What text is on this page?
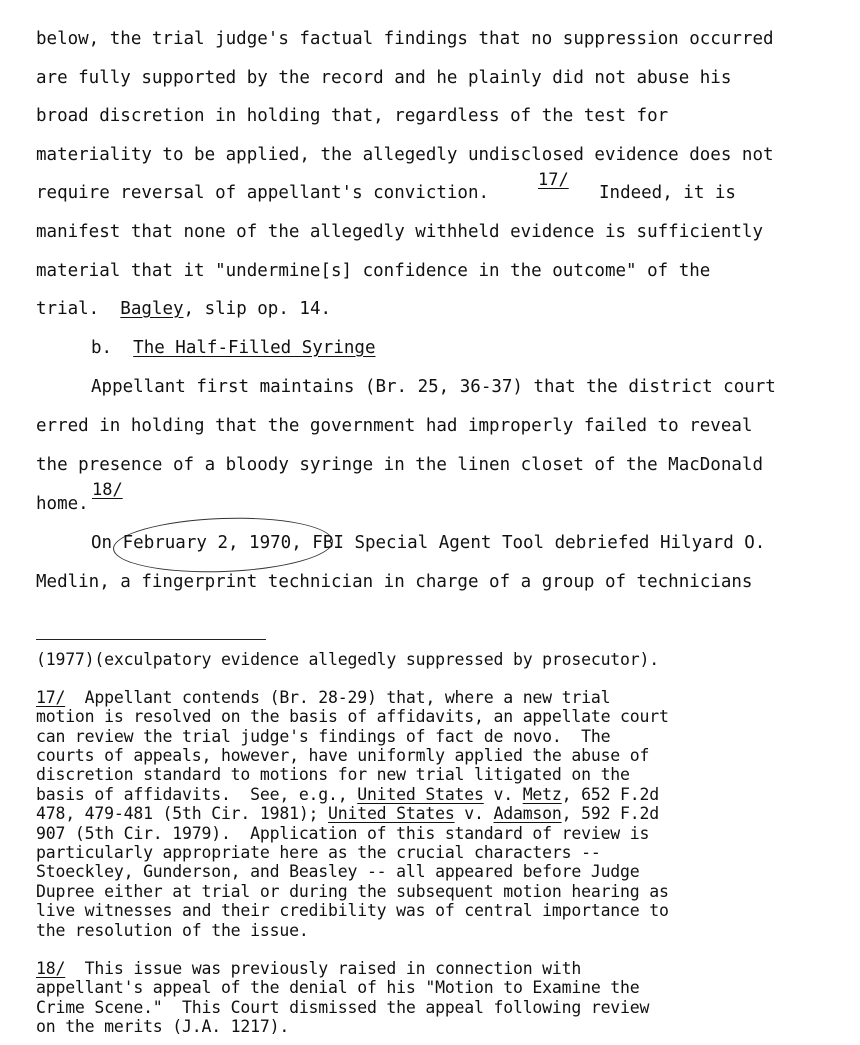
below, the trial judge's factual findings that no suppression occurred
are fully supported by the record and he plainly did not abuse his
broad discretion in holding that, regardless of the test for
materiality to be applied, the allegedly undisclosed evidence does not
require reversal of appellant's conviction.
17/
Indeed, it is
manifest that none of the allegedly withheld evidence is sufficiently
material that it "undermine[s] confidence in the outcome" of the
trial. Bagley, slip op. 14.
b. The Half-Filled Syringe
Appellant first maintains (Br. 25, 36-37) that the district court
erred in holding that the government had improperly failed to reveal
the presence of a bloody syringe in the linen closet of the MacDonald
18/
home.
On February 2, 1970, FBI Special Agent Tool debriefed Hilyard O.
Medlin, a fingerprint technician in charge of a group of technicians
(1977)(exculpatory evidence allegedly suppressed by prosecutor).
17/ Appellant contends (Br. 28-29) that, where a new trial
motion is resolved on the basis of affidavits, an appellate court
can review the trial judge's findings of fact de novo.  The
courts of appeals, however, have uniformly applied the abuse of
discretion standard to motions for new trial litigated on the
basis of affidavits.  See, e.g., United States v. Metz, 652 F.2d
478, 479-481 (5th Cir. 1981); United States v. Adamson, 592 F.2d
907 (5th Cir. 1979).  Application of this standard of review is
particularly appropriate here as the crucial characters --
Stoeckley, Gunderson, and Beasley -- all appeared before Judge
Dupree either at trial or during the subsequent motion hearing as
live witnesses and their credibility was of central importance to
the resolution of the issue.
18/ This issue was previously raised in connection with
appellant's appeal of the denial of his "Motion to Examine the
Crime Scene."  This Court dismissed the appeal following review
on the merits (J.A. 1217).
